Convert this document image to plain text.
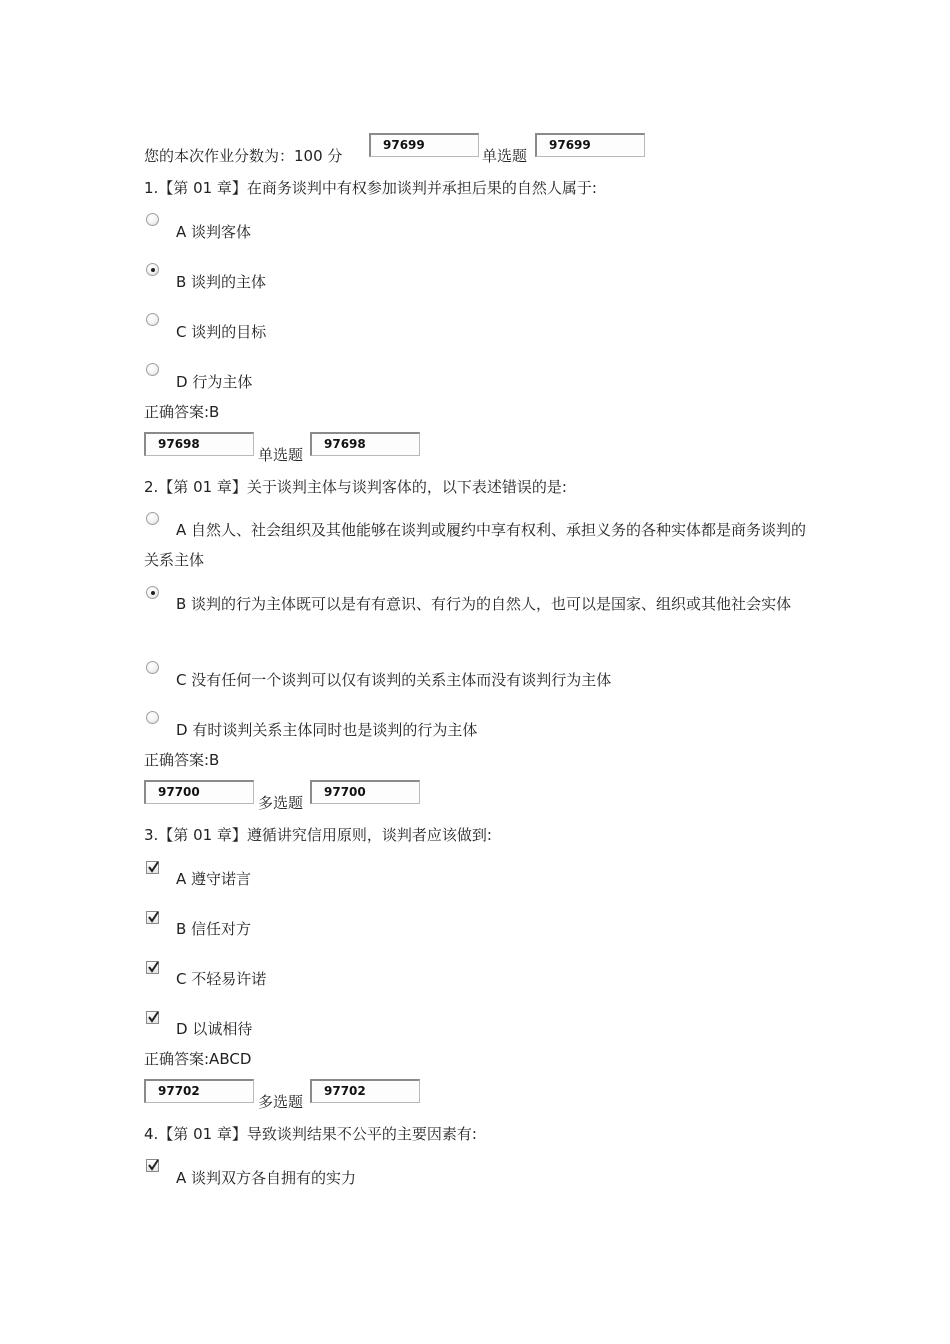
您的本次作业分数为：100 分
97699
单选题
97699
1.【第 01 章】在商务谈判中有权参加谈判并承担后果的自然人属于:
A 谈判客体
B 谈判的主体
C 谈判的目标
D 行为主体
正确答案:B
97698
单选题
97698
2.【第 01 章】关于谈判主体与谈判客体的，以下表述错误的是:
A 自然人、社会组织及其他能够在谈判或履约中享有权利、承担义务的各种实体都是商务谈判的关系主体
B 谈判的行为主体既可以是有有意识、有行为的自然人，也可以是国家、组织或其他社会实体
C 没有任何一个谈判可以仅有谈判的关系主体而没有谈判行为主体
D 有时谈判关系主体同时也是谈判的行为主体
正确答案:B
97700
多选题
97700
3.【第 01 章】遵循讲究信用原则，谈判者应该做到:
A 遵守诺言
B 信任对方
C 不轻易许诺
D 以诚相待
正确答案:ABCD
97702
多选题
97702
4.【第 01 章】导致谈判结果不公平的主要因素有:
A 谈判双方各自拥有的实力
